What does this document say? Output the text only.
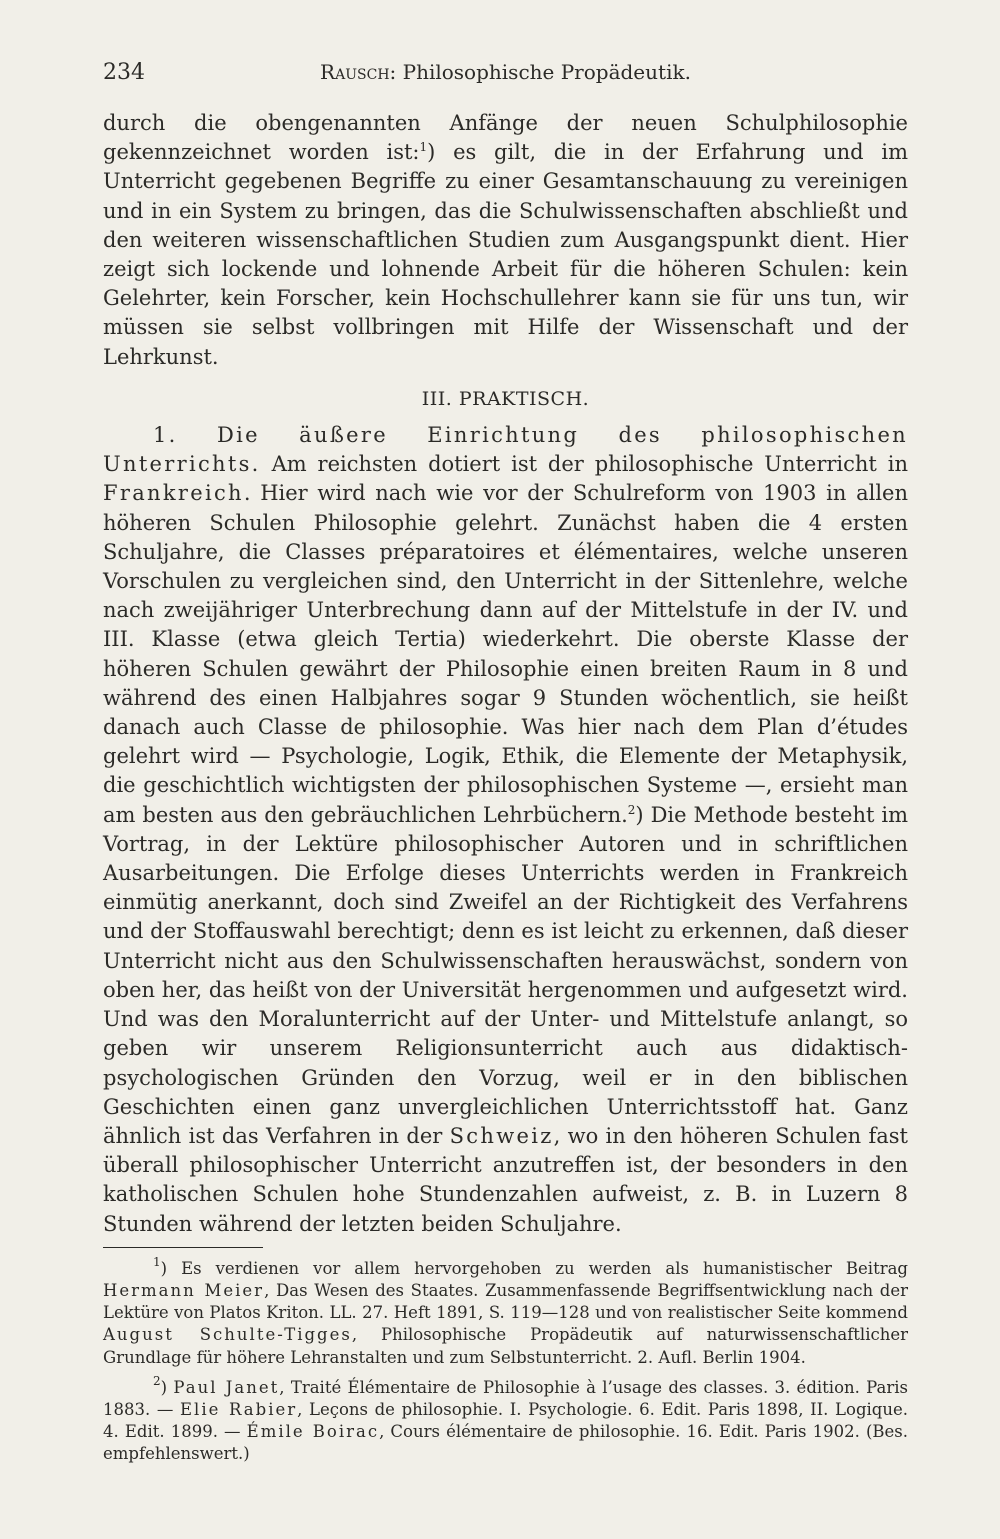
234	Rausch: Philosophische Propädeutik.

durch die obengenannten Anfänge der neuen Schulphilosophie gekennzeichnet worden ist:$^1$) es gilt, die in der Erfahrung und im Unterricht gegebenen Begriffe zu einer Gesamtanschauung zu vereinigen und in ein System zu bringen, das die Schulwissenschaften abschließt und den weiteren wissenschaftlichen Studien zum Ausgangspunkt dient. Hier zeigt sich lockende und lohnende Arbeit für die höheren Schulen: kein Gelehrter, kein Forscher, kein Hochschullehrer kann sie für uns tun, wir müssen sie selbst vollbringen mit Hilfe der Wissenschaft und der Lehrkunst.

III. PRAKTISCH.

1. Die äußere Einrichtung des philosophischen Unterrichts. Am reichsten dotiert ist der philosophische Unterricht in Frankreich. Hier wird nach wie vor der Schulreform von 1903 in allen höheren Schulen Philosophie gelehrt. Zunächst haben die 4 ersten Schuljahre, die Classes préparatoires et élémentaires, welche unseren Vorschulen zu vergleichen sind, den Unterricht in der Sittenlehre, welche nach zweijähriger Unterbrechung dann auf der Mittelstufe in der IV. und III. Klasse (etwa gleich Tertia) wiederkehrt. Die oberste Klasse der höheren Schulen gewährt der Philosophie einen breiten Raum in 8 und während des einen Halbjahres sogar 9 Stunden wöchentlich, sie heißt danach auch Classe de philosophie. Was hier nach dem Plan d’études gelehrt wird — Psychologie, Logik, Ethik, die Elemente der Metaphysik, die geschichtlich wichtigsten der philosophischen Systeme —, ersieht man am besten aus den gebräuchlichen Lehrbüchern.$^2$) Die Methode besteht im Vortrag, in der Lektüre philosophischer Autoren und in schriftlichen Ausarbeitungen. Die Erfolge dieses Unterrichts werden in Frankreich einmütig anerkannt, doch sind Zweifel an der Richtigkeit des Verfahrens und der Stoffauswahl berechtigt; denn es ist leicht zu erkennen, daß dieser Unterricht nicht aus den Schulwissenschaften herauswächst, sondern von oben her, das heißt von der Universität hergenommen und aufgesetzt wird. Und was den Moralunterricht auf der Unter- und Mittelstufe anlangt, so geben wir unserem Religionsunterricht auch aus didaktisch-psychologischen Gründen den Vorzug, weil er in den biblischen Geschichten einen ganz unvergleichlichen Unterrichtsstoff hat. Ganz ähnlich ist das Verfahren in der Schweiz, wo in den höheren Schulen fast überall philosophischer Unterricht anzutreffen ist, der besonders in den katholischen Schulen hohe Stundenzahlen aufweist, z. B. in Luzern 8 Stunden während der letzten beiden Schuljahre.

$^1$) Es verdienen vor allem hervorgehoben zu werden als humanistischer Beitrag Hermann Meier, Das Wesen des Staates. Zusammenfassende Begriffsentwicklung nach der Lektüre von Platos Kriton. LL. 27. Heft 1891, S. 119—128 und von realistischer Seite kommend August Schulte-Tigges, Philosophische Propädeutik auf naturwissenschaftlicher Grundlage für höhere Lehranstalten und zum Selbstunterricht. 2. Aufl. Berlin 1904.

$^2$) Paul Janet, Traité Élémentaire de Philosophie à l’usage des classes. 3. édition. Paris 1883. — Elie Rabier, Leçons de philosophie. I. Psychologie. 6. Edit. Paris 1898, II. Logique. 4. Edit. 1899. — Émile Boirac, Cours élémentaire de philosophie. 16. Edit. Paris 1902. (Bes. empfehlenswert.)
